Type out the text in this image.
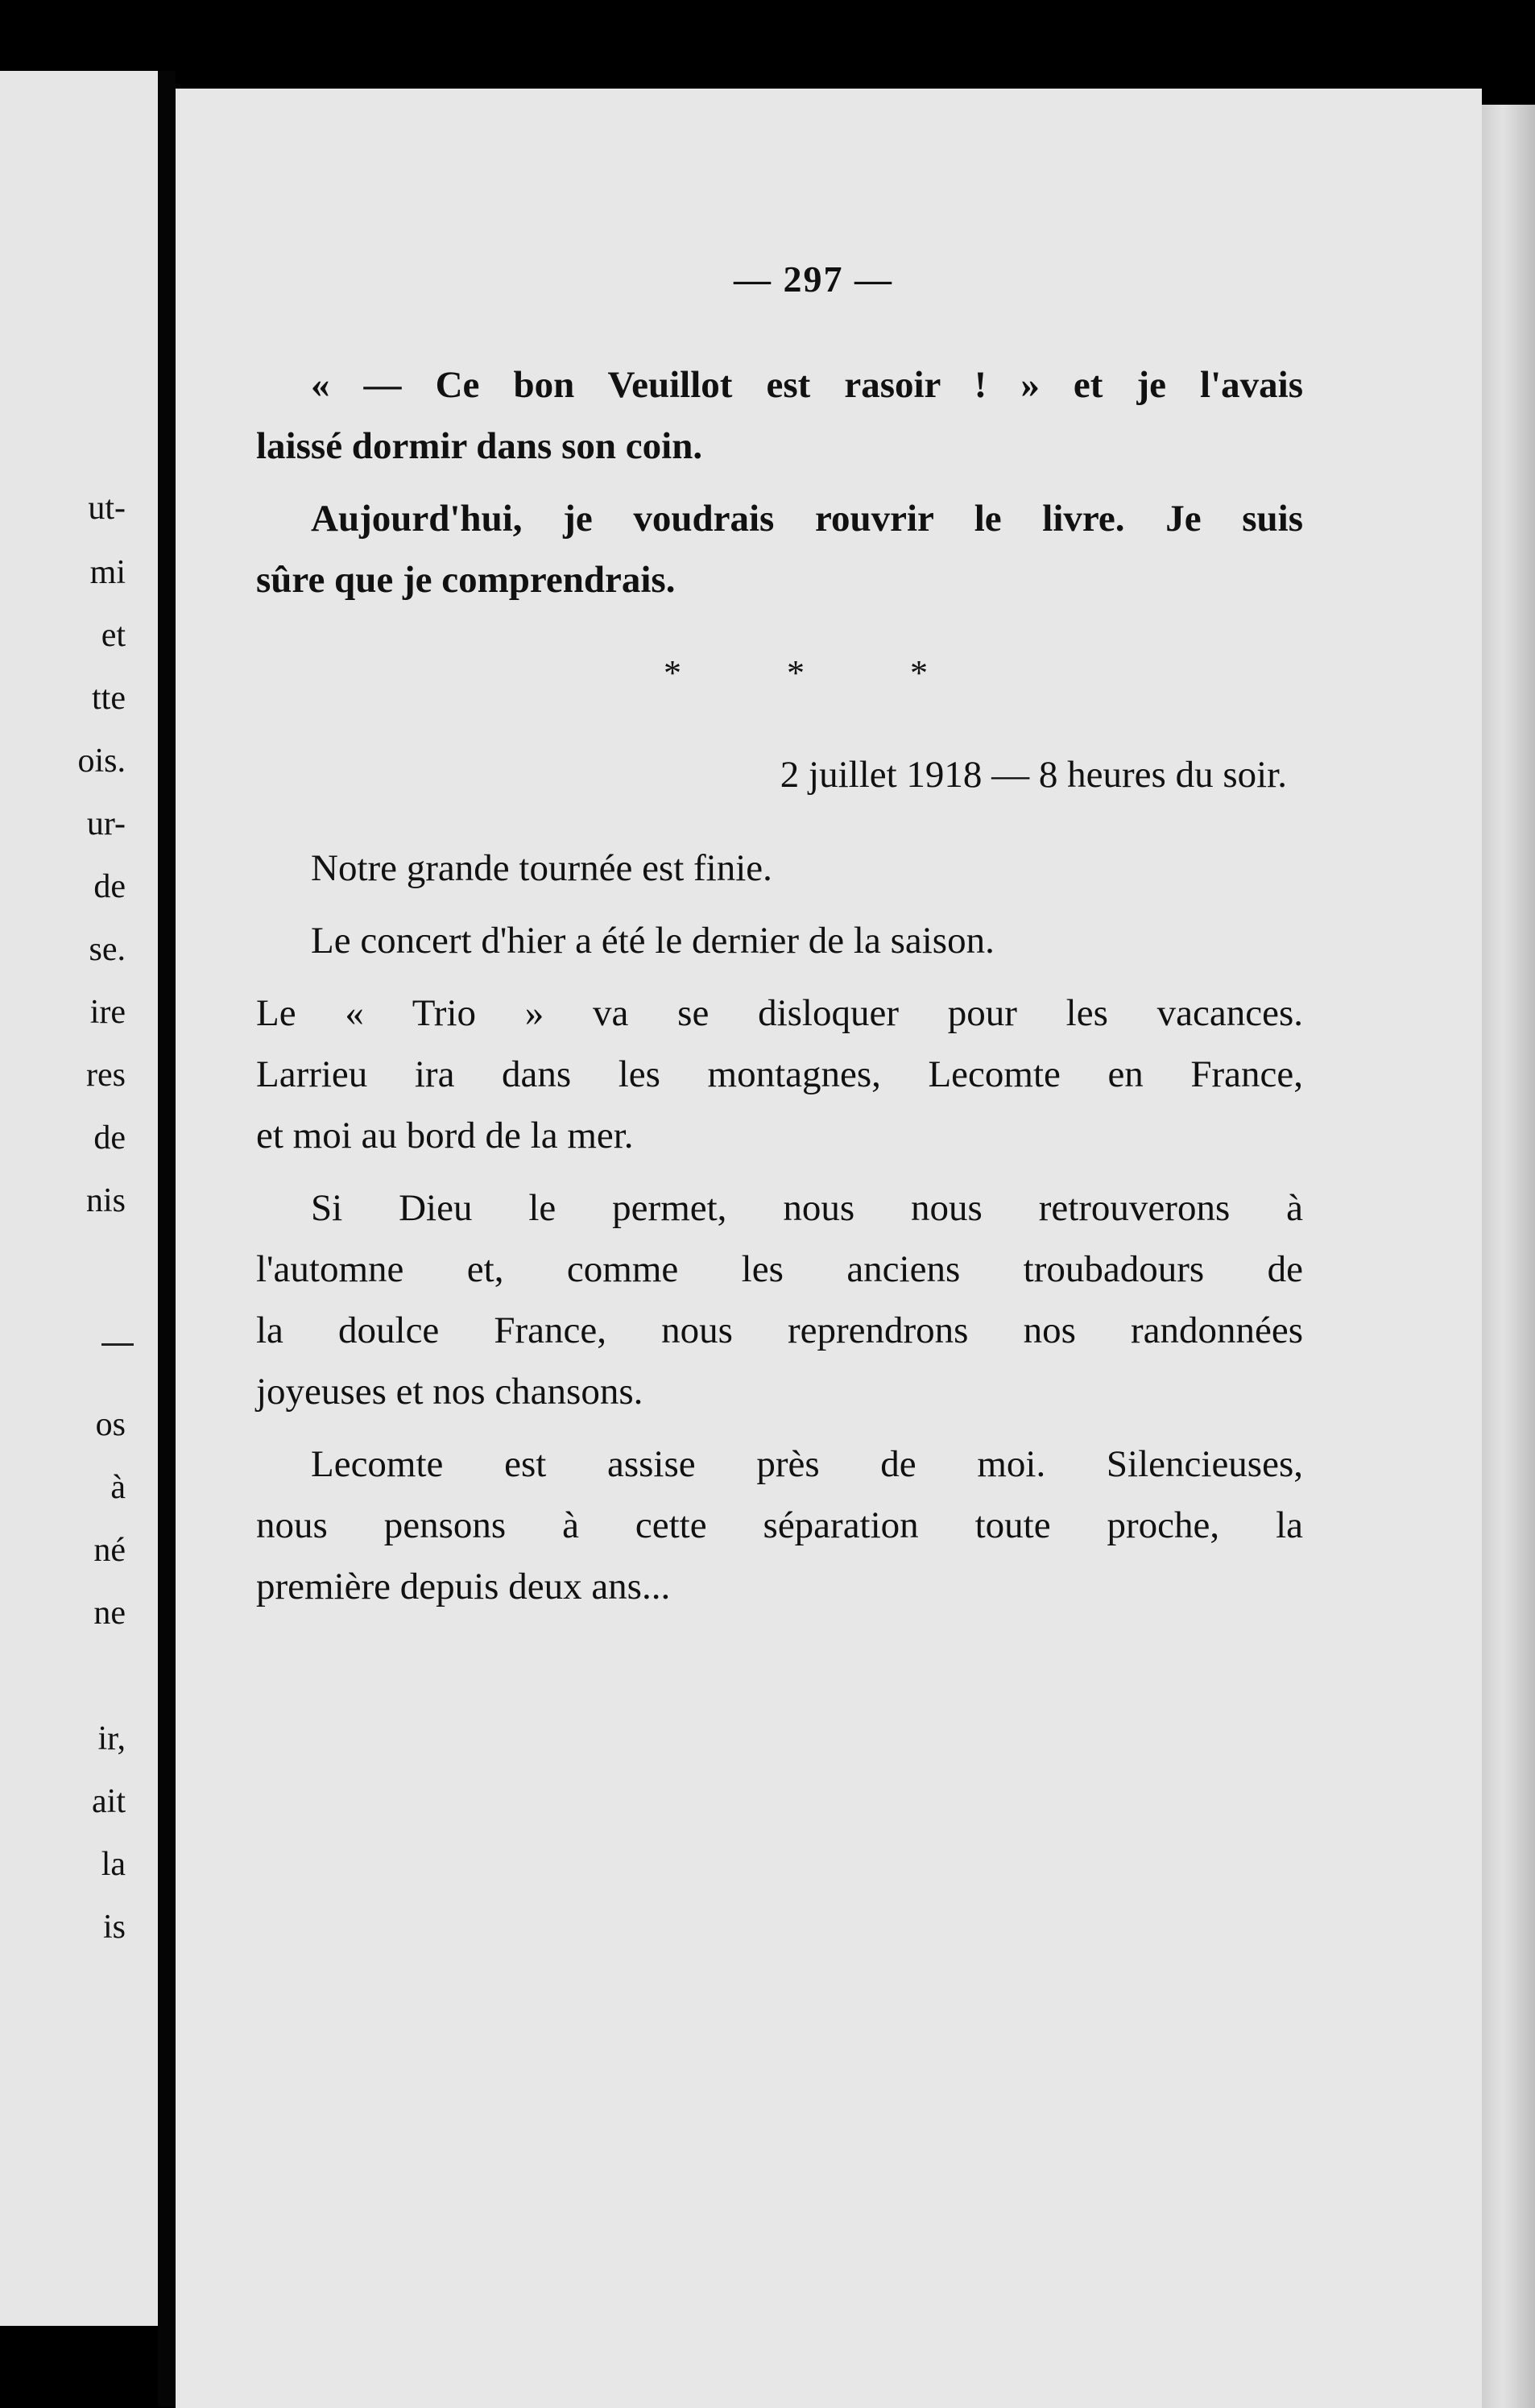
ut-
mi
et
tte
ois.
ur-
de
se.
ire
res
de
nis
os
à
né
ne
ir,
ait
la
is
— 297 —

« — Ce bon Veuillot est rasoir ! » et je l'avais
laissé dormir dans son coin.

Aujourd'hui, je voudrais rouvrir le livre. Je suis
sûre que je comprendrais.

* * *
2 juillet 1918 — 8 heures du soir.

Notre grande tournée est finie.

Le concert d'hier a été le dernier de la saison.

Le « Trio » va se disloquer pour les vacances.
Larrieu ira dans les montagnes, Lecomte en France,
et moi au bord de la mer.

Si Dieu le permet, nous nous retrouverons à
l'automne et, comme les anciens troubadours de
la doulce France, nous reprendrons nos randonnées
joyeuses et nos chansons.

Lecomte est assise près de moi. Silencieuses,
nous pensons à cette séparation toute proche, la
première depuis deux ans...
